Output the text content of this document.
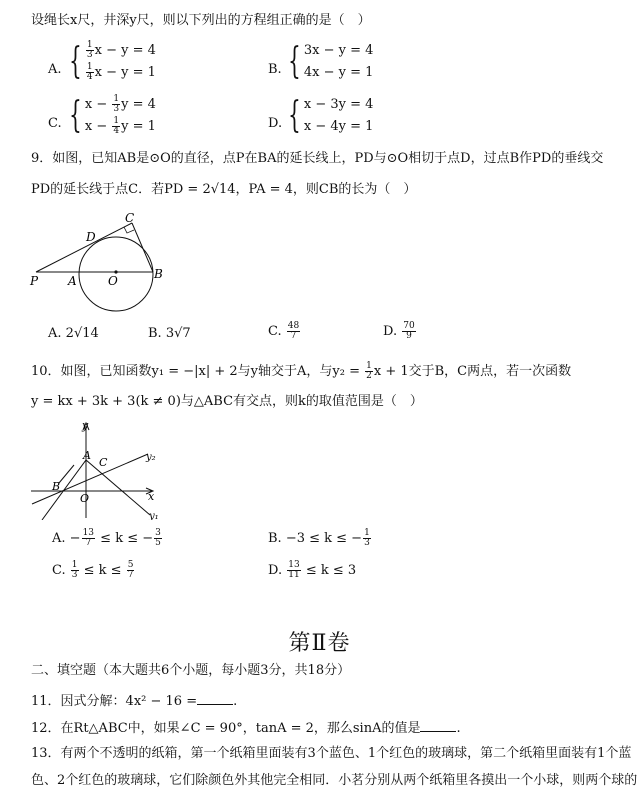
设绳长x尺，井深y尺，则以下列出的方程组正确的是（　）
A. { $\frac{1}{3}$ x − y = 4
$\frac{1}{4}$ x − y = 1	B. { 3x − y = 4
4x − y = 1
C. { $x - \frac{1}{3}$ y = 4
$x - \frac{1}{4}$ y = 1	D. { x − 3y = 4
x − 4y = 1
9．如图，已知AB是⊙O的直径，点P在BA的延长线上，PD与⊙O相切于点D，过点B作PD的垂线交
PD的延长线于点C．若PD = 2√14，PA = 4，则CB的长为（　）
C
D
P A	O	B
A. 2√14	B. 3√7	C. $\frac{48}{7}$	D. $\frac{70}{9}$
10．如图，已知函数y₁ = −|x| + 2与y轴交于A，与$y_2 = \frac{1}{2}$ x + 1交于B，C两点，若一次函数
y = kx + 3k + 3(k ≠ 0)与△ABC有交点，则k的取值范围是（　）
y
x
A
C
B
O
y₂
y₁
A. − $\frac{13}{7} \le k$ ≤ − $\frac{3}{5}$	B. −3 ≤ k ≤ − $\frac{1}{3}$
C. $\frac{1}{3} \le k \le \frac{5}{7}$	D. $\frac{13}{11} \le k \le 3$
第Ⅱ卷
二、填空题（本大题共6个小题，每小题3分，共18分）
11．因式分解：4x² − 16 =	.
12．在Rt△ABC中，如果∠C = 90°，tanA = 2，那么sinA的值是	.
13．有两个不透明的纸箱，第一个纸箱里面装有3个蓝色、1个红色的玻璃球，第二个纸箱里面装有1个蓝
色、2个红色的玻璃球，它们除颜色外其他完全相同．小茗分别从两个纸箱里各摸出一个小球，则两个球的
